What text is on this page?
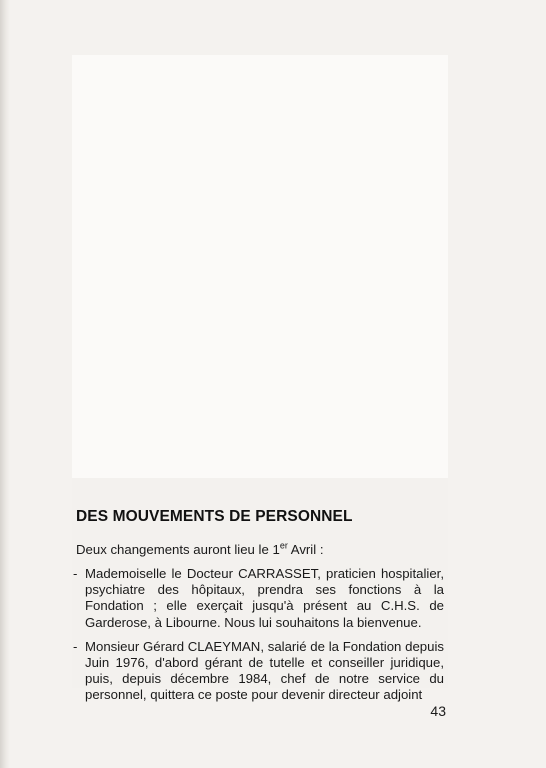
DES MOUVEMENTS DE PERSONNEL

Deux changements auront lieu le 1er Avril :

- Mademoiselle le Docteur CARRASSET, praticien hospitalier, psychiatre des hôpitaux, prendra ses fonctions à la Fondation ; elle exerçait jusqu'à présent au C.H.S. de Garderose, à Libourne. Nous lui souhaitons la bienvenue.

- Monsieur Gérard CLAEYMAN, salarié de la Fondation depuis Juin 1976, d'abord gérant de tutelle et conseiller juridique, puis, depuis décembre 1984, chef de notre service du personnel, quittera ce poste pour devenir directeur adjoint

43
